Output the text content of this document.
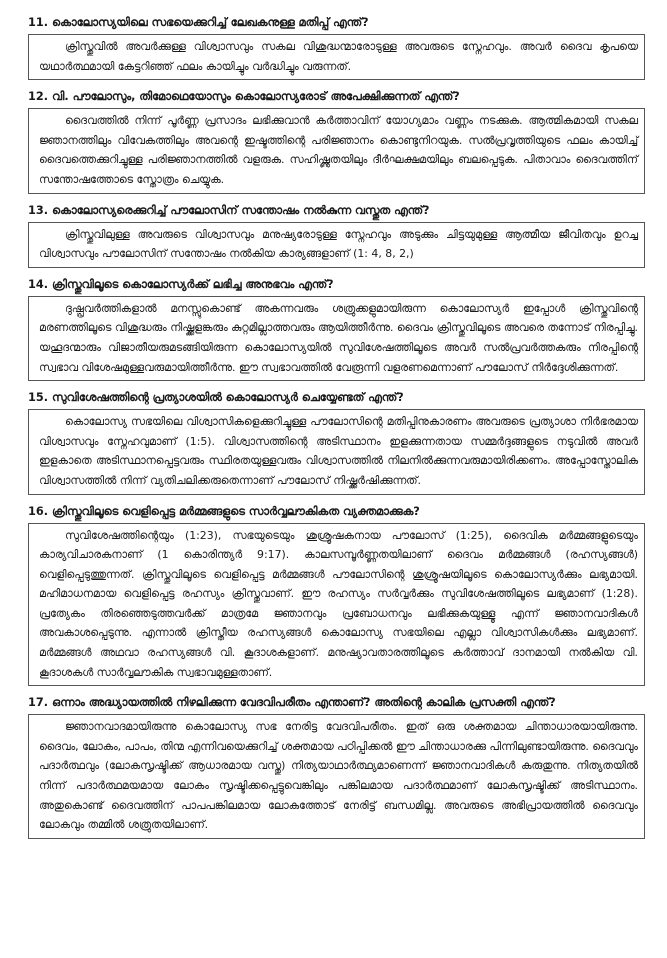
11. കൊലോസ്യയിലെ സഭയെക്കുറിച്ച് ലേഖകനുള്ള മതിപ്പ് എന്ത്?
ക്രിസ്തുവിൽ അവർക്കുള്ള വിശ്വാസവും സകല വിശുദ്ധന്മാരോടുള്ള അവരുടെ സ്നേഹവും. അവർ ദൈവ കൃപയെ യഥാർത്ഥമായി കേട്ടറിഞ്ഞ് ഫലം കായിച്ചും വർദ്ധിച്ചും വരുന്നത്.
12. വി. പൗലോസും, തിമോഥെയോസും കൊലോസ്യരോട് അപേക്ഷിക്കുന്നത് എന്ത്?
ദൈവത്തിൽ നിന്ന് പൂർണ്ണ പ്രസാദം ലഭിക്കുവാൻ കർത്താവിന് യോഗ്യമാം വണ്ണം നടക്കുക. ആത്മികമായി സകല ജ്ഞാനത്തിലും വിവേകത്തിലും അവന്റെ ഇഷ്ടത്തിന്റെ പരിജ്ഞാനം കൊണ്ടുനിറയുക. സൽപ്രവൃത്തിയുടെ ഫലം കായിച്ച് ദൈവത്തെക്കുറിച്ചുള്ള പരിജ്ഞാനത്തിൽ വളരുക. സഹിഷ്ണുതയിലും ദീർഘക്ഷമയിലും ബലപ്പെടുക. പിതാവാം ദൈവത്തിന് സന്തോഷത്തോടെ സ്തോത്രം ചെയ്യുക.
13. കൊലോസ്യരെക്കുറിച്ച് പൗലോസിന് സന്തോഷം നൽകുന്ന വസ്തുത എന്ത്?
ക്രിസ്തുവിലുള്ള അവരുടെ വിശ്വാസവും മനുഷ്യരോടുള്ള സ്നേഹവും അടുക്കും ചിട്ടയുമുള്ള ആത്മീയ ജീവിതവും ഉറച്ച വിശ്വാസവും പൗലോസിന് സന്തോഷം നൽകിയ കാര്യങ്ങളാണ് (1: 4, 8, 2,)
14. ക്രിസ്തുവിലൂടെ കൊലോസ്യർക്ക് ലഭിച്ച അനുഭവം എന്ത്?
ദുഷ്പ്രവർത്തികളാൽ മനസ്സുകൊണ്ട് അകന്നവരും ശത്രുക്കളുമായിരുന്ന കൊലോസ്യർ ഇപ്പോൾ ക്രിസ്തുവിന്റെ മരണത്തിലൂടെ വിശുദ്ധരും നിഷ്ക്കളങ്കരും കുറ്റമില്ലാത്തവരും ആയിത്തീർന്നു. ദൈവം ക്രിസ്തുവിലൂടെ അവരെ തന്നോട് നിരപ്പിച്ചു. യഹൂദന്മാരും വിജാതീയരുമടങ്ങിയിരുന്ന കൊലോസ്യയിൽ സുവിശേഷത്തിലൂടെ അവർ സൽപ്രവർത്തകരും നിരപ്പിന്റെ സ്വഭാവ വിശേഷമുള്ളവരുമായിത്തീർന്നു. ഈ സ്വഭാവത്തിൽ വേരൂന്നി വളരണമെന്നാണ് പൗലോസ് നിർദ്ദേശിക്കുന്നത്.
15. സുവിശേഷത്തിന്റെ പ്രത്യാശയിൽ കൊലോസ്യർ ചെയ്യേണ്ടത് എന്ത്?
കൊലോസ്യ സഭയിലെ വിശ്വാസികളെക്കുറിച്ചുള്ള പൗലോസിന്റെ മതിപ്പിനുകാരണം അവരുടെ പ്രത്യാശാ നിർഭരമായ വിശ്വാസവും സ്നേഹവുമാണ് (1:5). വിശ്വാസത്തിന്റെ അടിസ്ഥാനം ഇളക്കുന്നതായ സമ്മർദ്ദങ്ങളുടെ നടുവിൽ അവർ ഇളകാതെ അടിസ്ഥാനപ്പെട്ടവരും സ്ഥിരതയുള്ളവരും വിശ്വാസത്തിൽ നിലനിൽക്കുന്നവരുമായിരിക്കണം. അപ്പോസ്തോലിക വിശ്വാസത്തിൽ നിന്ന് വ്യതിചലിക്കരുതെന്നാണ് പൗലോസ് നിഷ്ക്കർഷിക്കുന്നത്.
16. ക്രിസ്തുവിലൂടെ വെളിപ്പെട്ട മർമ്മങ്ങളുടെ സാർവ്വലൗകികത വ്യക്തമാക്കുക?
സുവിശേഷത്തിന്റെയും (1:23), സഭയുടെയും ശുശ്രൂഷകനായ പൗലോസ് (1:25), ദൈവിക മർമ്മങ്ങളുടെയും കാര്യവിചാരകനാണ് (1 കൊരിന്ത്യർ 9:17). കാലസമ്പൂർണ്ണതയിലാണ് ദൈവം മർമ്മങ്ങൾ (രഹസ്യങ്ങൾ) വെളിപ്പെടുത്തുന്നത്. ക്രിസ്തുവിലൂടെ വെളിപ്പെട്ട മർമ്മങ്ങൾ പൗലോസിന്റെ ശുശ്രൂഷയിലൂടെ കൊലോസ്യർക്കും ലഭ്യമായി. മഹിമാധനമായ വെളിപ്പെട്ട രഹസ്യം ക്രിസ്തുവാണ്. ഈ രഹസ്യം സർവ്വർക്കും സുവിശേഷത്തിലൂടെ ലഭ്യമാണ് (1:28). പ്രത്യേകം തിരഞ്ഞെടുത്തവർക്ക് മാത്രമേ ജ്ഞാനവും പ്രബോധനവും ലഭിക്കുകയുള്ളൂ എന്ന് ജ്ഞാനവാദികൾ അവകാശപ്പെടുന്നു. എന്നാൽ ക്രിസ്തീയ രഹസ്യങ്ങൾ കൊലോസ്യ സഭയിലെ എല്ലാ വിശ്വാസികൾക്കും ലഭ്യമാണ്. മർമ്മങ്ങൾ അഥവാ രഹസ്യങ്ങൾ വി. കൂദാശകളാണ്. മനുഷ്യാവതാരത്തിലൂടെ കർത്താവ് ദാനമായി നൽകിയ വി. കൂദാശകൾ സാർവ്വലൗകിക സ്വഭാവമുള്ളതാണ്.
17. ഒന്നാം അദ്ധ്യായത്തിൽ നിഴലിക്കുന്ന വേദവിപരീതം എന്താണ്? അതിന്റെ കാലിക പ്രസക്തി എന്ത്?
ജ്ഞാനവാദമായിരുന്നു കൊലോസ്യ സഭ നേരിട്ട വേദവിപരീതം. ഇത് ഒരു ശക്തമായ ചിന്താധാരയായിരുന്നു. ദൈവം, ലോകം, പാപം, തിന്മ എന്നിവയെക്കുറിച്ച് ശക്തമായ പഠിപ്പിക്കൽ ഈ ചിന്താധാരക്കു പിന്നിലുണ്ടായിരുന്നു. ദൈവവും പദാർത്ഥവും (ലോകസൃഷ്ടിക്ക് ആധാരമായ വസ്തു) നിത്യയാഥാർത്ഥ്യമാണെന്ന് ജ്ഞാനവാദികൾ കരുതുന്നു. നിത്യതയിൽ നിന്ന് പദാർത്ഥമയമായ ലോകം സൃഷ്ടിക്കപ്പെട്ടുവെങ്കിലും പങ്കിലമായ പദാർത്ഥമാണ് ലോകസൃഷ്ടിക്ക് അടിസ്ഥാനം. അതുകൊണ്ട് ദൈവത്തിന് പാപപങ്കിലമായ ലോകത്തോട് നേരിട്ട് ബന്ധമില്ല. അവരുടെ അഭിപ്രായത്തിൽ ദൈവവും ലോകവും തമ്മിൽ ശത്രുതയിലാണ്.
